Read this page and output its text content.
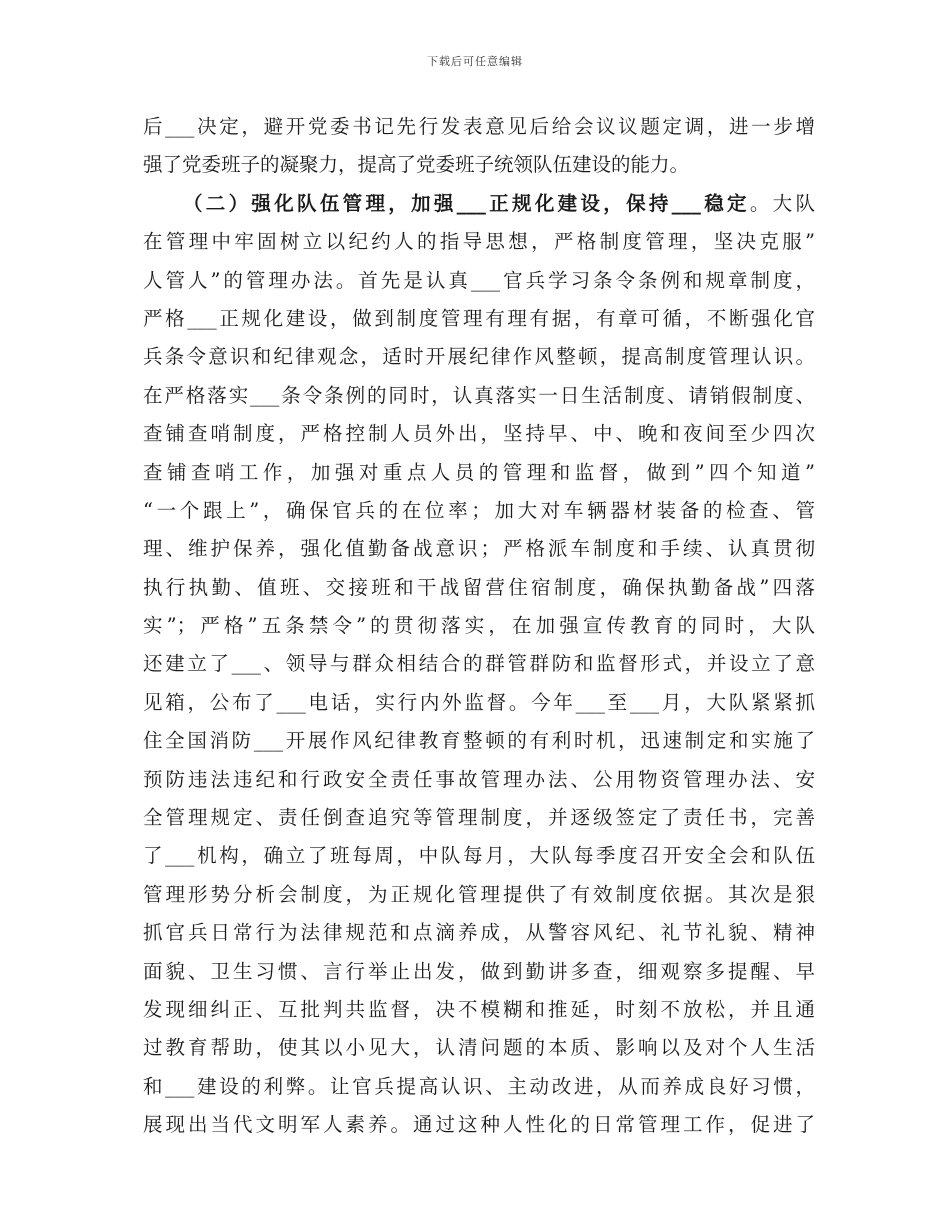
下载后可任意编辑
后___决定，避开党委书记先行发表意见后给会议议题定调，进一步增
强了党委班子的凝聚力，提高了党委班子统领队伍建设的能力。
（二）强化队伍管理，加强___正规化建设，保持___稳定。大队
在管理中牢固树立以纪约人的指导思想，严格制度管理，坚决克服”
人管人”的管理办法。首先是认真___官兵学习条令条例和规章制度，
严格___正规化建设，做到制度管理有理有据，有章可循，不断强化官
兵条令意识和纪律观念，适时开展纪律作风整顿，提高制度管理认识。
在严格落实___条令条例的同时，认真落实一日生活制度、请销假制度、
查铺查哨制度，严格控制人员外出，坚持早、中、晚和夜间至少四次
查铺查哨工作，加强对重点人员的管理和监督，做到”四个知道”
“一个跟上”，确保官兵的在位率；加大对车辆器材装备的检查、管
理、维护保养，强化值勤备战意识；严格派车制度和手续、认真贯彻
执行执勤、值班、交接班和干战留营住宿制度，确保执勤备战”四落
实”；严格”五条禁令”的贯彻落实，在加强宣传教育的同时，大队
还建立了___、领导与群众相结合的群管群防和监督形式，并设立了意
见箱，公布了___电话，实行内外监督。今年___至___月，大队紧紧抓
住全国消防___开展作风纪律教育整顿的有利时机，迅速制定和实施了
预防违法违纪和行政安全责任事故管理办法、公用物资管理办法、安
全管理规定、责任倒查追究等管理制度，并逐级签定了责任书，完善
了___机构，确立了班每周，中队每月，大队每季度召开安全会和队伍
管理形势分析会制度，为正规化管理提供了有效制度依据。其次是狠
抓官兵日常行为法律规范和点滴养成，从警容风纪、礼节礼貌、精神
面貌、卫生习惯、言行举止出发，做到勤讲多查，细观察多提醒、早
发现细纠正、互批判共监督，决不模糊和推延，时刻不放松，并且通
过教育帮助，使其以小见大，认清问题的本质、影响以及对个人生活
和___建设的利弊。让官兵提高认识、主动改进，从而养成良好习惯，
展现出当代文明军人素养。通过这种人性化的日常管理工作，促进了
